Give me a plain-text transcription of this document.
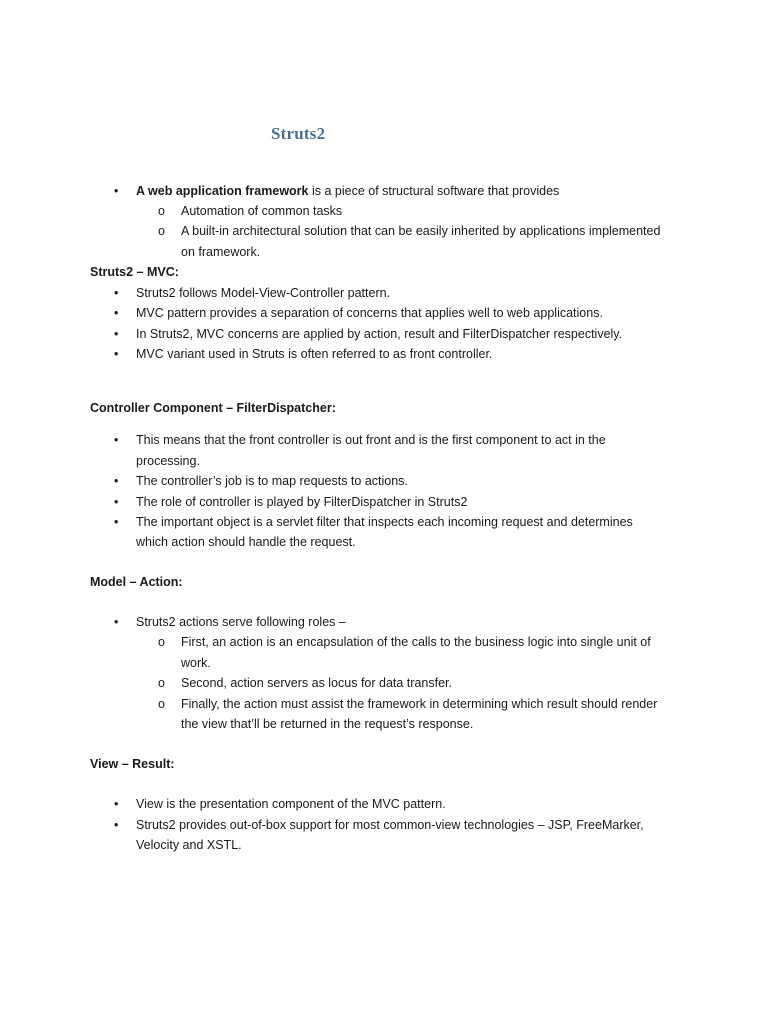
Struts2
• A web application framework is a piece of structural software that provides
o Automation of common tasks
o A built-in architectural solution that can be easily inherited by applications implemented
on framework.
Struts2 – MVC:
• Struts2 follows Model-View-Controller pattern.
• MVC pattern provides a separation of concerns that applies well to web applications.
• In Struts2, MVC concerns are applied by action, result and FilterDispatcher respectively.
• MVC variant used in Struts is often referred to as front controller.
Controller Component – FilterDispatcher:
• This means that the front controller is out front and is the first component to act in the
processing.
• The controller’s job is to map requests to actions.
• The role of controller is played by FilterDispatcher in Struts2
• The important object is a servlet filter that inspects each incoming request and determines
which action should handle the request.
Model – Action:
• Struts2 actions serve following roles –
o First, an action is an encapsulation of the calls to the business logic into single unit of
work.
o Second, action servers as locus for data transfer.
o Finally, the action must assist the framework in determining which result should render
the view that’ll be returned in the request’s response.
View – Result:
• View is the presentation component of the MVC pattern.
• Struts2 provides out-of-box support for most common-view technologies – JSP, FreeMarker,
Velocity and XSTL.
